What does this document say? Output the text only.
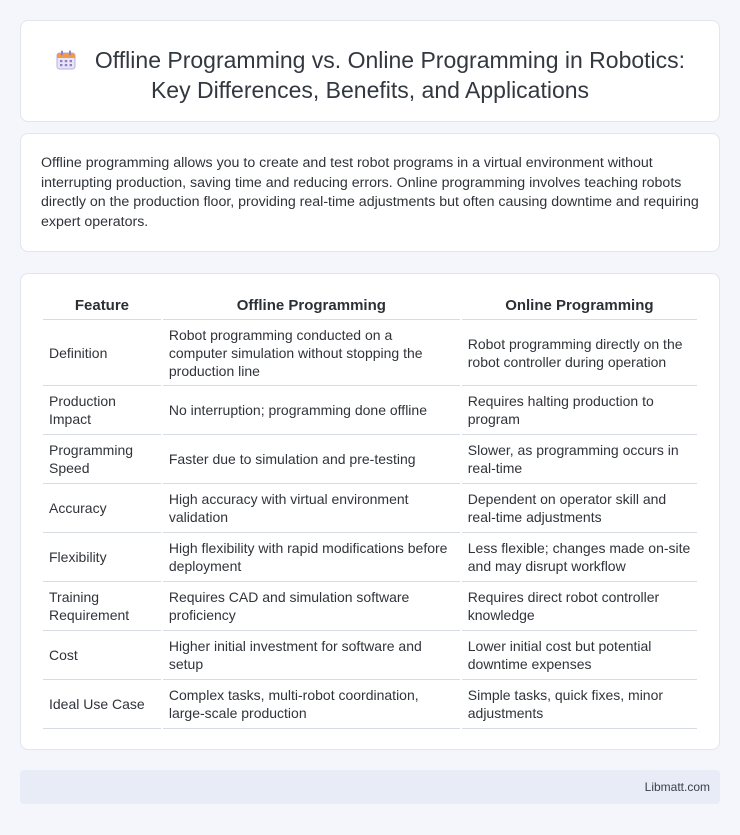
Offline Programming vs. Online Programming in Robotics: Key Differences, Benefits, and Applications

Offline programming allows you to create and test robot programs in a virtual environment without interrupting production, saving time and reducing errors. Online programming involves teaching robots directly on the production floor, providing real-time adjustments but often causing downtime and requiring expert operators.

Feature	Offline Programming	Online Programming
Definition	Robot programming conducted on a computer simulation without stopping the production line	Robot programming directly on the robot controller during operation
Production Impact	No interruption; programming done offline	Requires halting production to program
Programming Speed	Faster due to simulation and pre-testing	Slower, as programming occurs in real-time
Accuracy	High accuracy with virtual environment validation	Dependent on operator skill and real-time adjustments
Flexibility	High flexibility with rapid modifications before deployment	Less flexible; changes made on-site and may disrupt workflow
Training Requirement	Requires CAD and simulation software proficiency	Requires direct robot controller knowledge
Cost	Higher initial investment for software and setup	Lower initial cost but potential downtime expenses
Ideal Use Case	Complex tasks, multi-robot coordination, large-scale production	Simple tasks, quick fixes, minor adjustments
Libmatt.com
